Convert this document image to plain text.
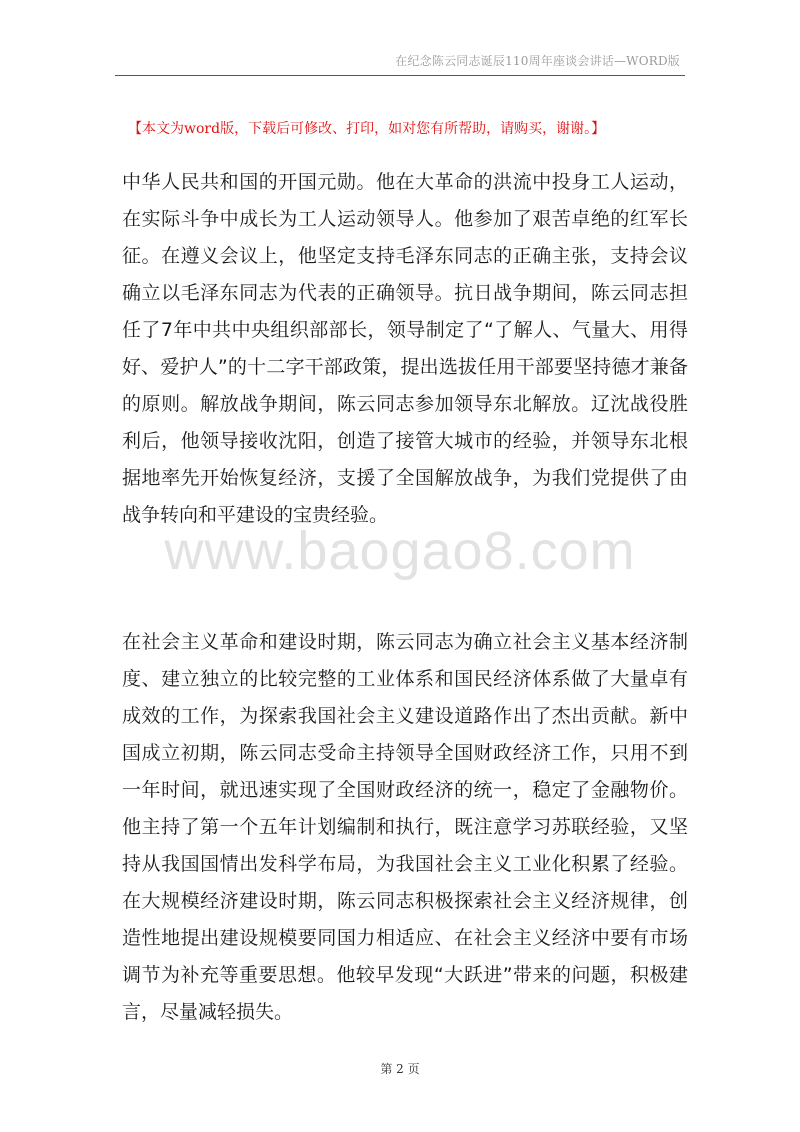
在纪念陈云同志诞辰110周年座谈会讲话—WORD版
【本文为word版，下载后可修改、打印，如对您有所帮助，请购买，谢谢。】
中华人民共和国的开国元勋。他在大革命的洪流中投身工人运动，在实际斗争中成长为工人运动领导人。他参加了艰苦卓绝的红军长征。在遵义会议上，他坚定支持毛泽东同志的正确主张，支持会议确立以毛泽东同志为代表的正确领导。抗日战争期间，陈云同志担任了7年中共中央组织部部长，领导制定了“了解人、气量大、用得好、爱护人”的十二字干部政策，提出选拔任用干部要坚持德才兼备的原则。解放战争期间，陈云同志参加领导东北解放。辽沈战役胜利后，他领导接收沈阳，创造了接管大城市的经验，并领导东北根据地率先开始恢复经济，支援了全国解放战争，为我们党提供了由战争转向和平建设的宝贵经验。
www.baogao8.com
在社会主义革命和建设时期，陈云同志为确立社会主义基本经济制度、建立独立的比较完整的工业体系和国民经济体系做了大量卓有成效的工作，为探索我国社会主义建设道路作出了杰出贡献。新中国成立初期，陈云同志受命主持领导全国财政经济工作，只用不到一年时间，就迅速实现了全国财政经济的统一，稳定了金融物价。他主持了第一个五年计划编制和执行，既注意学习苏联经验，又坚持从我国国情出发科学布局，为我国社会主义工业化积累了经验。在大规模经济建设时期，陈云同志积极探索社会主义经济规律，创造性地提出建设规模要同国力相适应、在社会主义经济中要有市场调节为补充等重要思想。他较早发现“大跃进”带来的问题，积极建言，尽量减轻损失。
第 2 页
